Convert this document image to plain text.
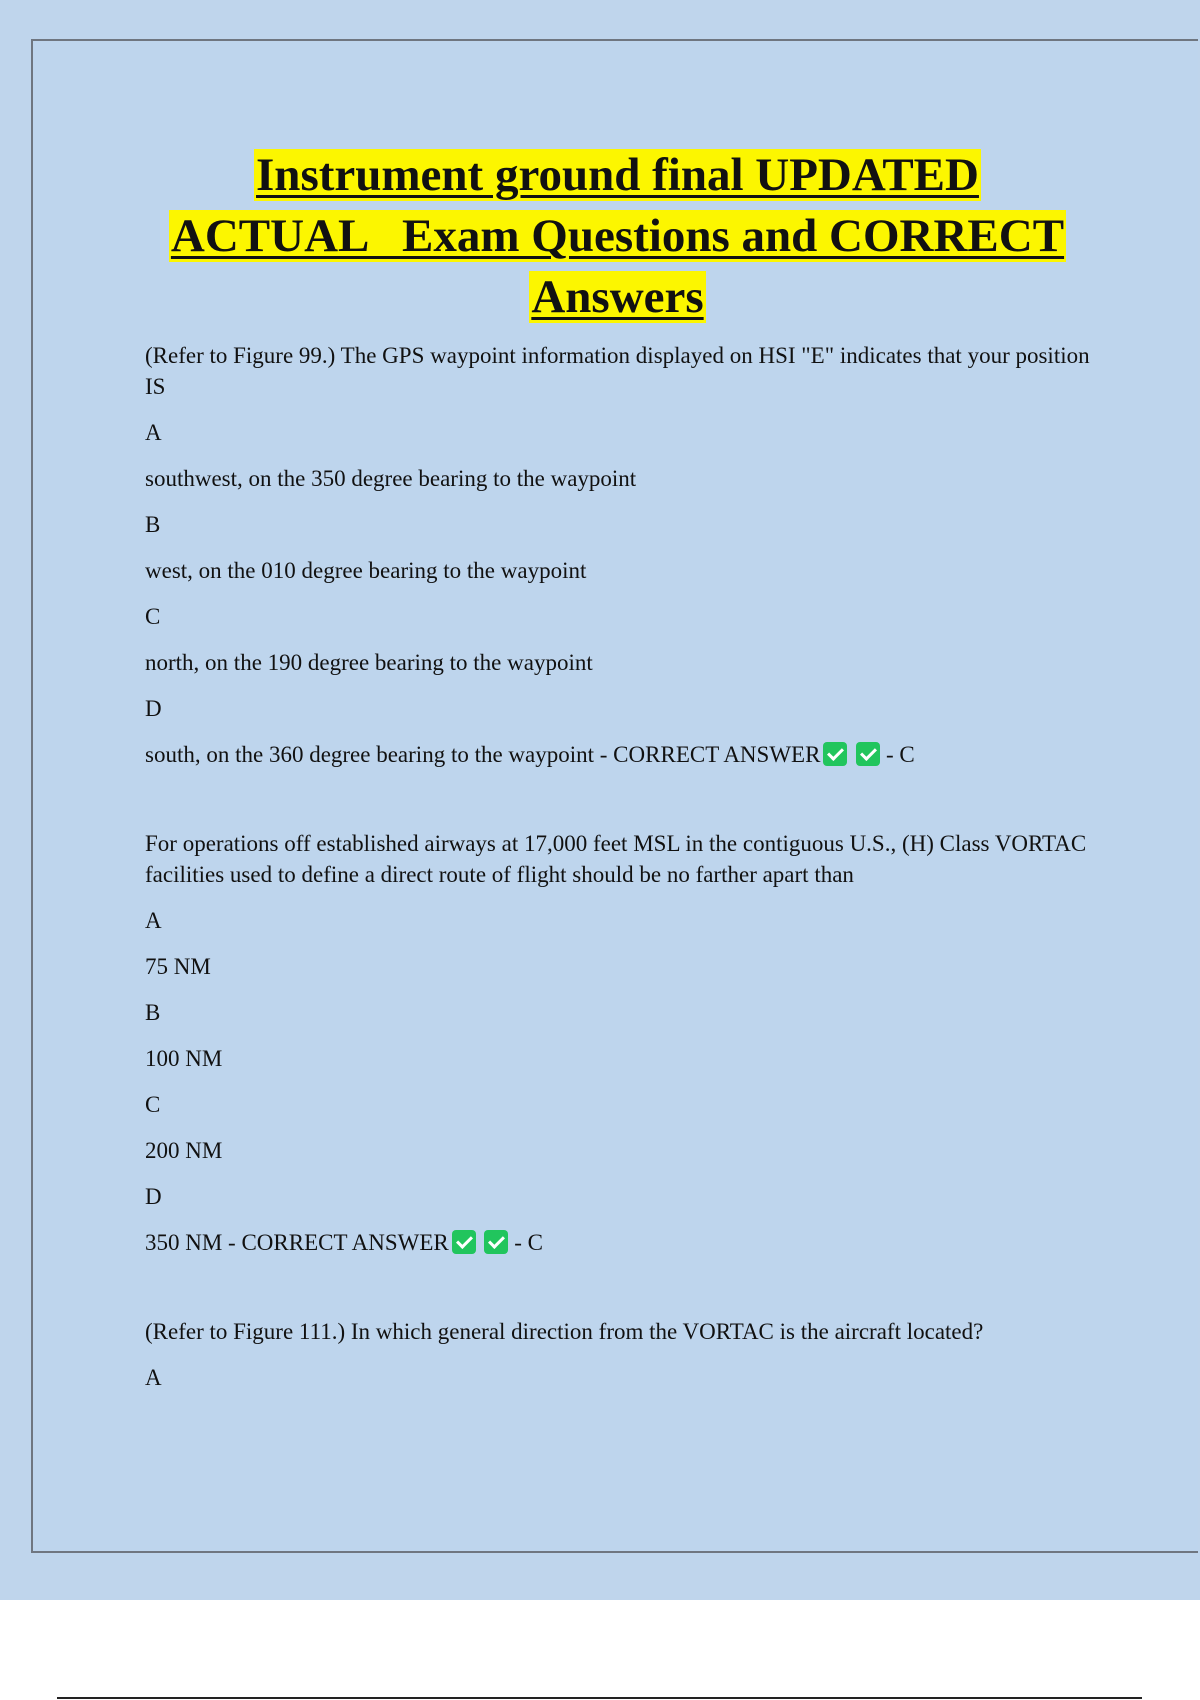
Instrument ground final UPDATED
ACTUAL   Exam Questions and CORRECT
Answers
(Refer to Figure 99.) The GPS waypoint information displayed on HSI "E" indicates that your position IS
A
southwest, on the 350 degree bearing to the waypoint
B
west, on the 010 degree bearing to the waypoint
C
north, on the 190 degree bearing to the waypoint
D
south, on the 360 degree bearing to the waypoint - CORRECT ANSWER	- C
For operations off established airways at 17,000 feet MSL in the contiguous U.S., (H) Class VORTAC facilities used to define a direct route of flight should be no farther apart than
A
75 NM
B
100 NM
C
200 NM
D
350 NM - CORRECT ANSWER	- C
(Refer to Figure 111.) In which general direction from the VORTAC is the aircraft located?
A
